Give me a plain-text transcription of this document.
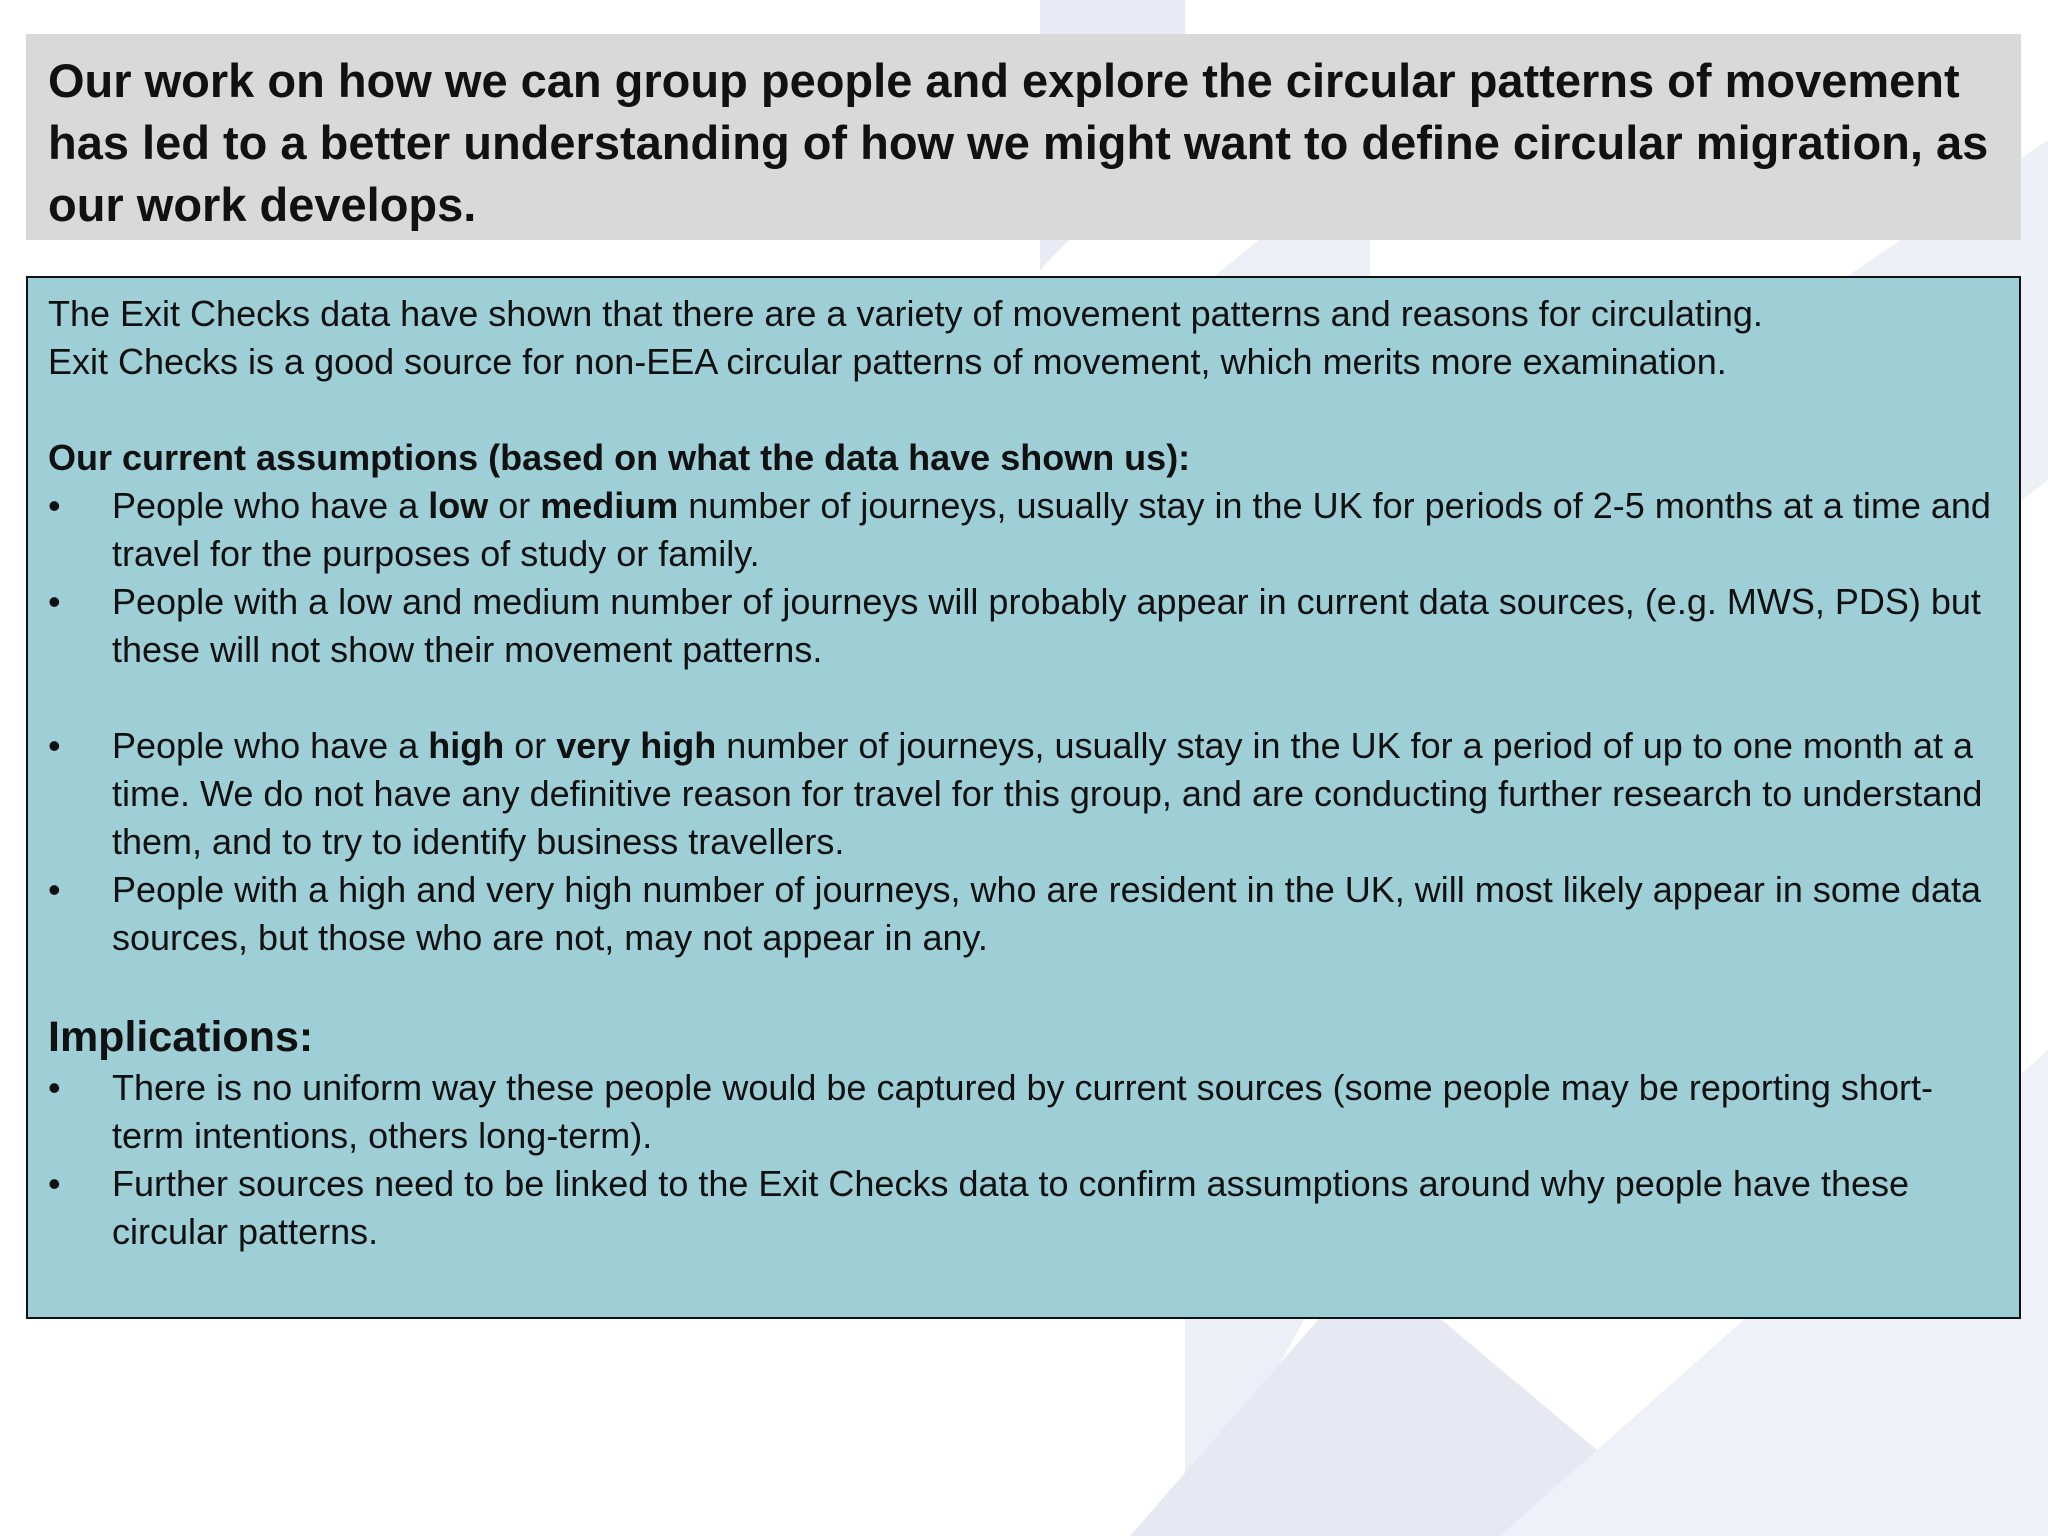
Our work on how we can group people and explore the circular patterns of movement has led to a better understanding of how we might want to define circular migration, as our work develops.

The Exit Checks data have shown that there are a variety of movement patterns and reasons for circulating.

Exit Checks is a good source for non-EEA circular patterns of movement, which merits more examination.

Our current assumptions (based on what the data have shown us):

•	People who have a low or medium number of journeys, usually stay in the UK for periods of 2-5 months at a time and travel for the purposes of study or family.
•	People with a low and medium number of journeys will probably appear in current data sources, (e.g. MWS, PDS) but these will not show their movement patterns.
•	People who have a high or very high number of journeys, usually stay in the UK for a period of up to one month at a time. We do not have any definitive reason for travel for this group, and are conducting further research to understand them, and to try to identify business travellers.
•	People with a high and very high number of journeys, who are resident in the UK, will most likely appear in some data sources, but those who are not, may not appear in any.

Implications:

•	There is no uniform way these people would be captured by current sources (some people may be reporting short-term intentions, others long-term).
•	Further sources need to be linked to the Exit Checks data to confirm assumptions around why people have these circular patterns.
